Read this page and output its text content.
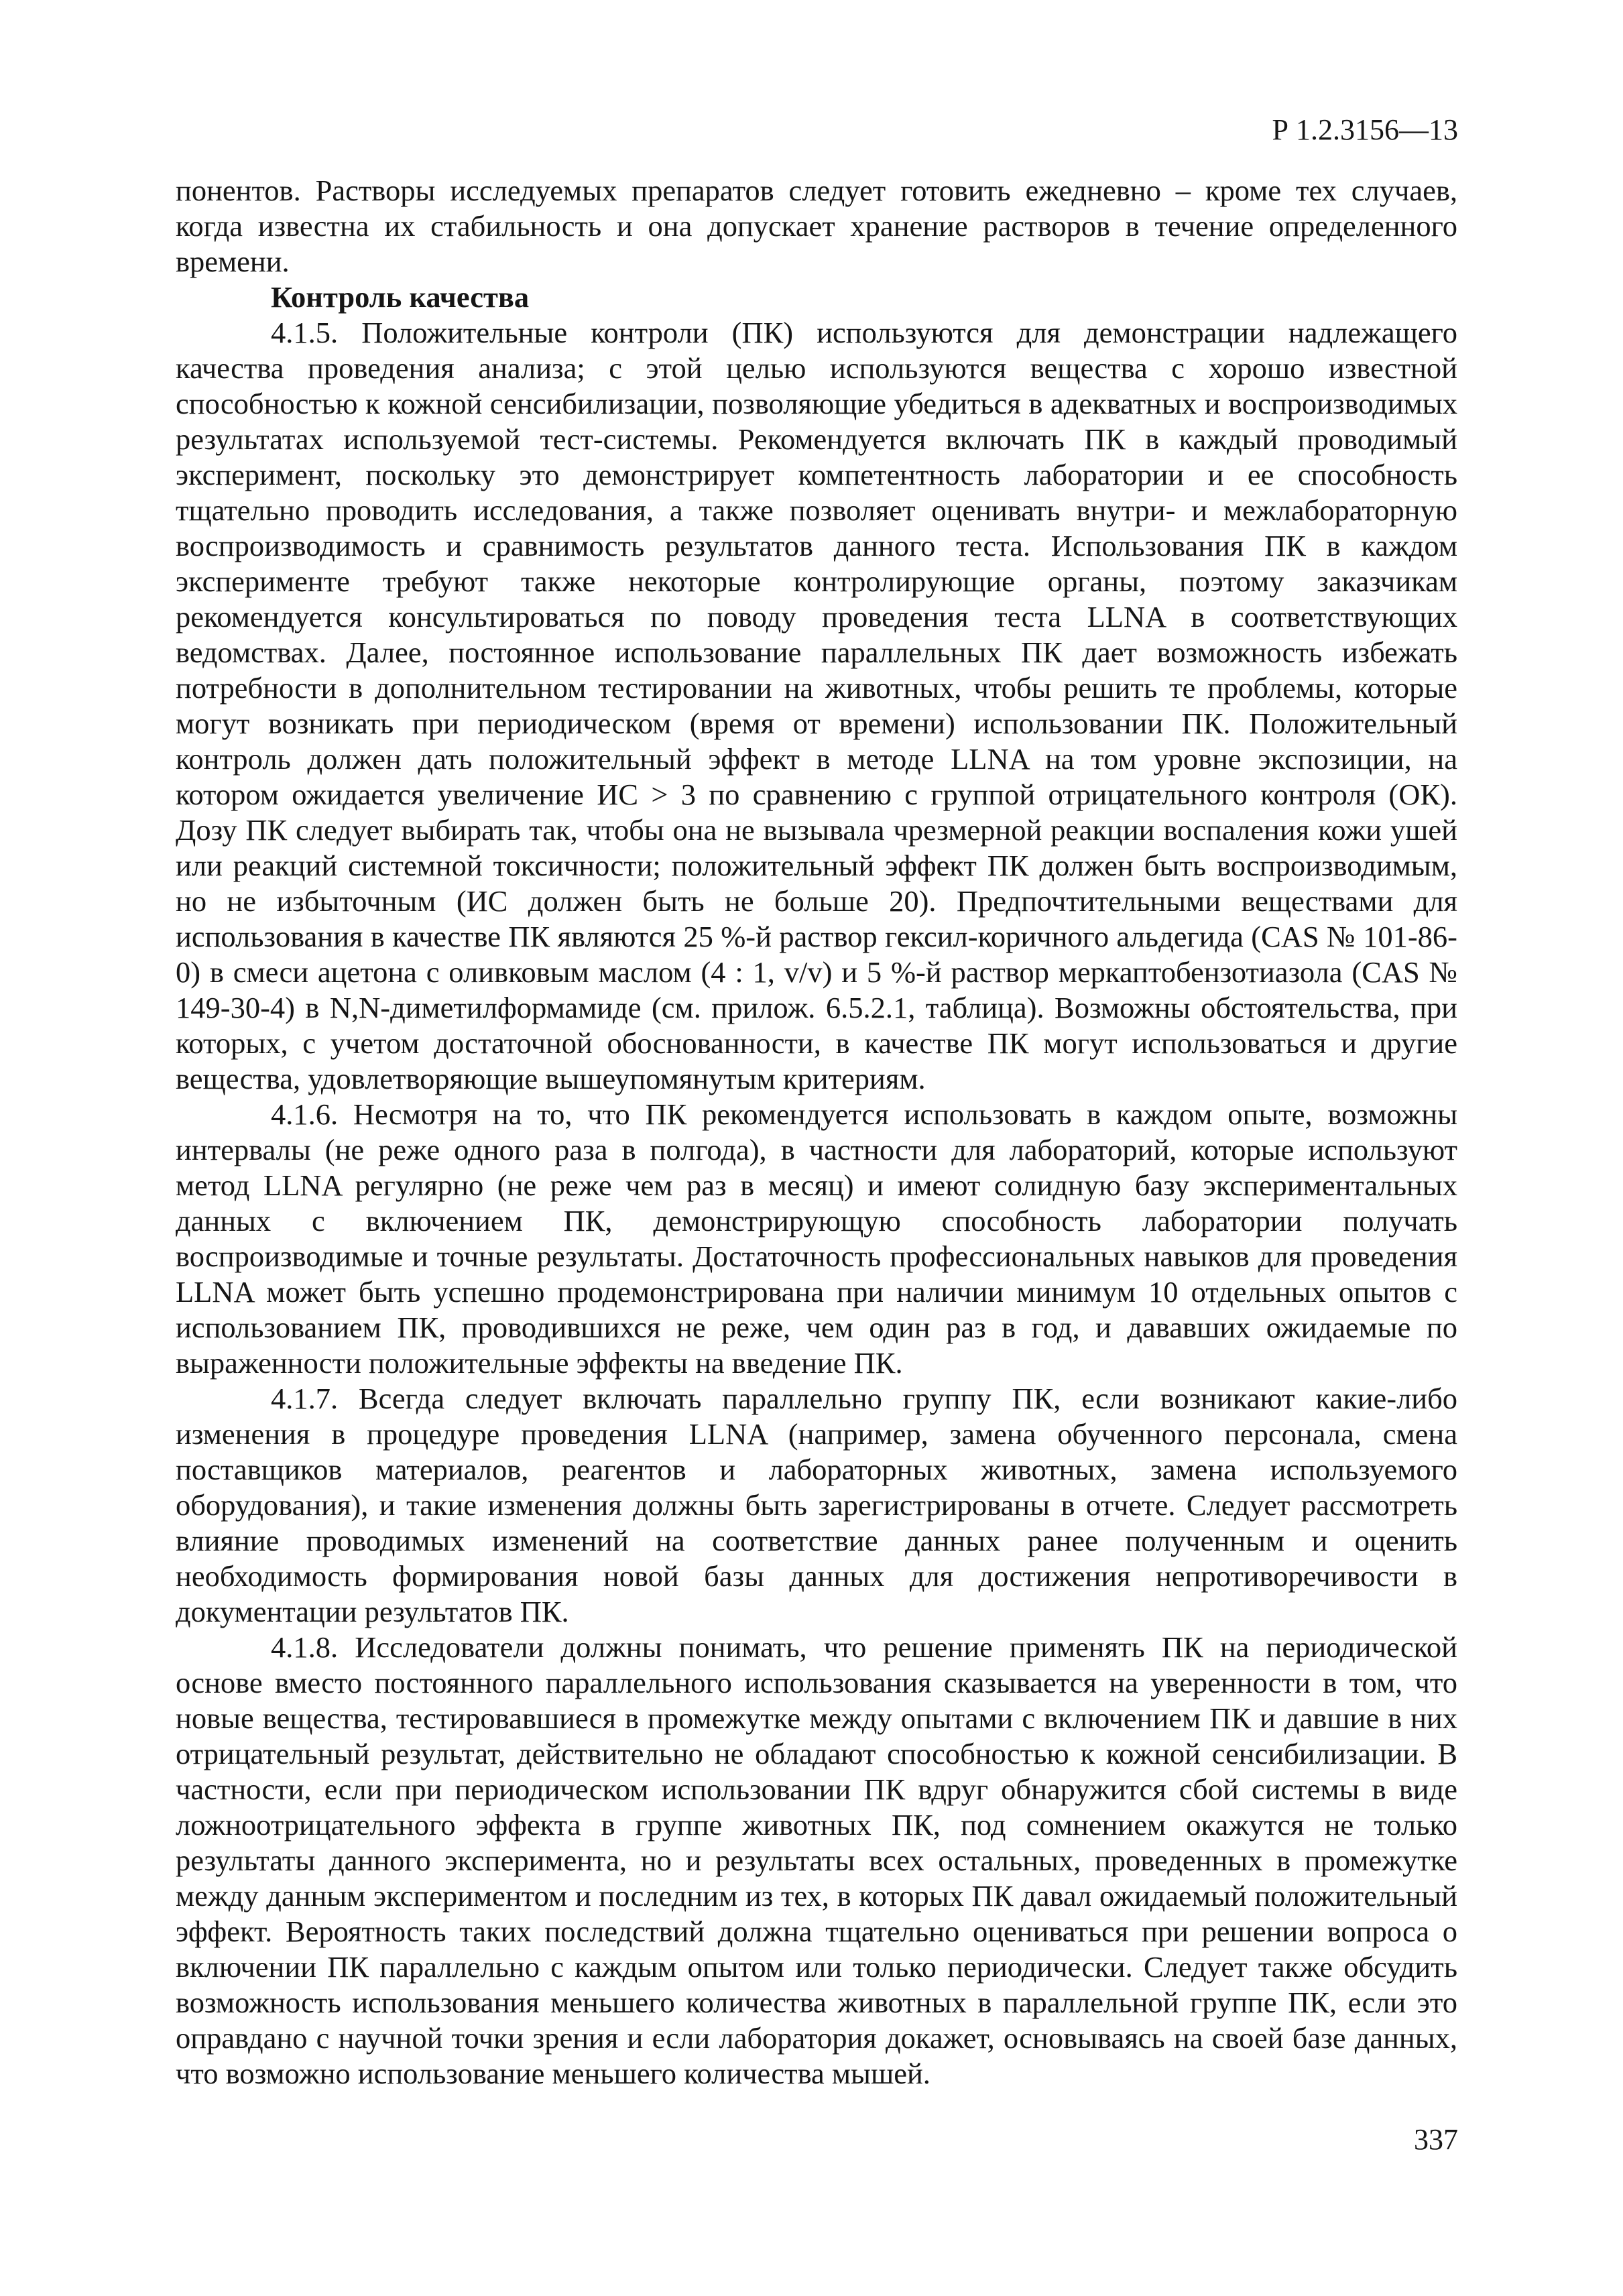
Р 1.2.3156—13

понентов. Растворы исследуемых препаратов следует готовить ежедневно – кроме тех случаев, когда известна их стабильность и она допускает хранение растворов в течение определенного времени.

Контроль качества

4.1.5. Положительные контроли (ПК) используются для демонстрации надлежащего качества проведения анализа; с этой целью используются вещества с хорошо известной способностью к кожной сенсибилизации, позволяющие убедиться в адекватных и воспроизводимых результатах используемой тест-системы. Рекомендуется включать ПК в каждый проводимый эксперимент, поскольку это демонстрирует компетентность лаборатории и ее способность тщательно проводить исследования, а также позволяет оценивать внутри- и межлабораторную воспроизводимость и сравнимость результатов данного теста. Использования ПК в каждом эксперименте требуют также некоторые контролирующие органы, поэтому заказчикам рекомендуется консультироваться по поводу проведения теста LLNA в соответствующих ведомствах. Далее, постоянное использование параллельных ПК дает возможность избежать потребности в дополнительном тестировании на животных, чтобы решить те проблемы, которые могут возникать при периодическом (время от времени) использовании ПК. Положительный контроль должен дать положительный эффект в методе LLNA на том уровне экспозиции, на котором ожидается увеличение ИС > 3 по сравнению с группой отрицательного контроля (ОК). Дозу ПК следует выбирать так, чтобы она не вызывала чрезмерной реакции воспаления кожи ушей или реакций системной токсичности; положительный эффект ПК должен быть воспроизводимым, но не избыточным (ИС должен быть не больше 20). Предпочтительными веществами для использования в качестве ПК являются 25 %-й раствор гексил-коричного альдегида (CAS № 101-86-0) в смеси ацетона с оливковым маслом (4 : 1, v/v) и 5 %-й раствор меркаптобензотиазола (CAS № 149-30-4) в N,N-диметилформамиде (см. прилож. 6.5.2.1, таблица). Возможны обстоятельства, при которых, с учетом достаточной обоснованности, в качестве ПК могут использоваться и другие вещества, удовлетворяющие вышеупомянутым критериям.

4.1.6. Несмотря на то, что ПК рекомендуется использовать в каждом опыте, возможны интервалы (не реже одного раза в полгода), в частности для лабораторий, которые используют метод LLNA регулярно (не реже чем раз в месяц) и имеют солидную базу экспериментальных данных с включением ПК, демонстрирующую способность лаборатории получать воспроизводимые и точные результаты. Достаточность профессиональных навыков для проведения LLNA может быть успешно продемонстрирована при наличии минимум 10 отдельных опытов с использованием ПК, проводившихся не реже, чем один раз в год, и дававших ожидаемые по выраженности положительные эффекты на введение ПК.

4.1.7. Всегда следует включать параллельно группу ПК, если возникают какие-либо изменения в процедуре проведения LLNA (например, замена обученного персонала, смена поставщиков материалов, реагентов и лабораторных животных, замена используемого оборудования), и такие изменения должны быть зарегистрированы в отчете. Следует рассмотреть влияние проводимых изменений на соответствие данных ранее полученным и оценить необходимость формирования новой базы данных для достижения непротиворечивости в документации результатов ПК.

4.1.8. Исследователи должны понимать, что решение применять ПК на периодической основе вместо постоянного параллельного использования сказывается на уверенности в том, что новые вещества, тестировавшиеся в промежутке между опытами с включением ПК и давшие в них отрицательный результат, действительно не обладают способностью к кожной сенсибилизации. В частности, если при периодическом использовании ПК вдруг обнаружится сбой системы в виде ложноотрицательного эффекта в группе животных ПК, под сомнением окажутся не только результаты данного эксперимента, но и результаты всех остальных, проведенных в промежутке между данным экспериментом и последним из тех, в которых ПК давал ожидаемый положительный эффект. Вероятность таких последствий должна тщательно оцениваться при решении вопроса о включении ПК параллельно с каждым опытом или только периодически. Следует также обсудить возможность использования меньшего количества животных в параллельной группе ПК, если это оправдано с научной точки зрения и если лаборатория докажет, основываясь на своей базе данных, что возможно использование меньшего количества мышей.

337
